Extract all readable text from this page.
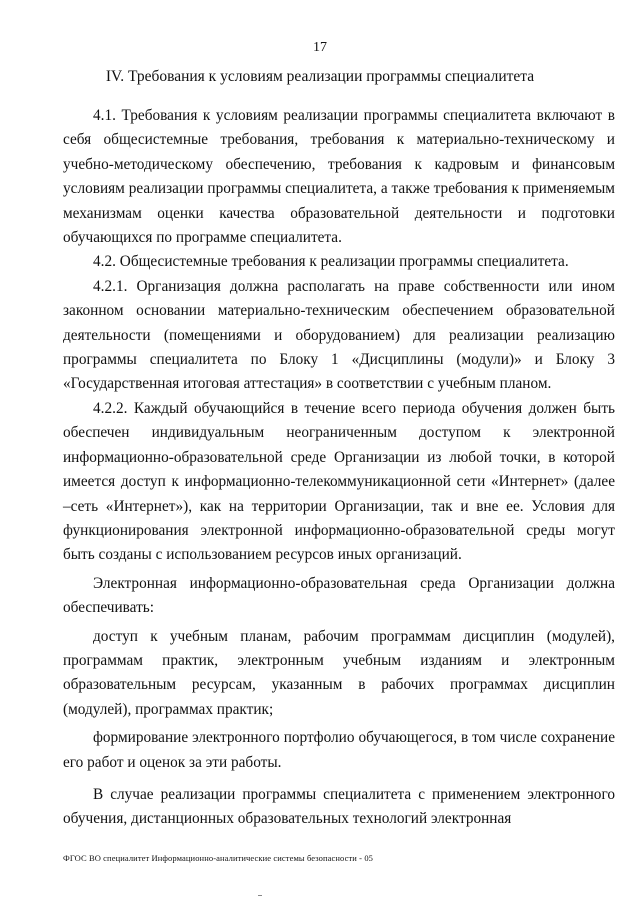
17
IV. Требования к условиям реализации программы специалитета

4.1. Требования к условиям реализации программы специалитета включают в себя общесистемные требования, требования к материально-техническому и учебно-методическому обеспечению, требования к кадровым и финансовым условиям реализации программы специалитета, а также требования к применяемым механизмам оценки качества образовательной деятельности и подготовки обучающихся по программе специалитета.

4.2. Общесистемные требования к реализации программы специалитета.

4.2.1. Организация должна располагать на праве собственности или ином законном основании материально-техническим обеспечением образовательной деятельности (помещениями и оборудованием) для реализации реализацию программы специалитета по Блоку 1 «Дисциплины (модули)» и Блоку 3 «Государственная итоговая аттестация» в соответствии с учебным планом.

4.2.2. Каждый обучающийся в течение всего периода обучения должен быть обеспечен индивидуальным неограниченным доступом к электронной информационно-образовательной среде Организации из любой точки, в которой имеется доступ к информационно-телекоммуникационной сети «Интернет» (далее –сеть «Интернет»), как на территории Организации, так и вне ее. Условия для функционирования электронной информационно-образовательной среды могут быть созданы с использованием ресурсов иных организаций.

Электронная информационно-образовательная среда Организации должна обеспечивать:

доступ к учебным планам, рабочим программам дисциплин (модулей), программам практик, электронным учебным изданиям и электронным образовательным ресурсам, указанным в рабочих программах дисциплин (модулей), программах практик;

формирование электронного портфолио обучающегося, в том числе сохранение его работ и оценок за эти работы.

В случае реализации программы специалитета с применением электронного обучения, дистанционных образовательных технологий электронная

ФГОС ВО специалитет Информационно-аналитические системы безопасности - 05
